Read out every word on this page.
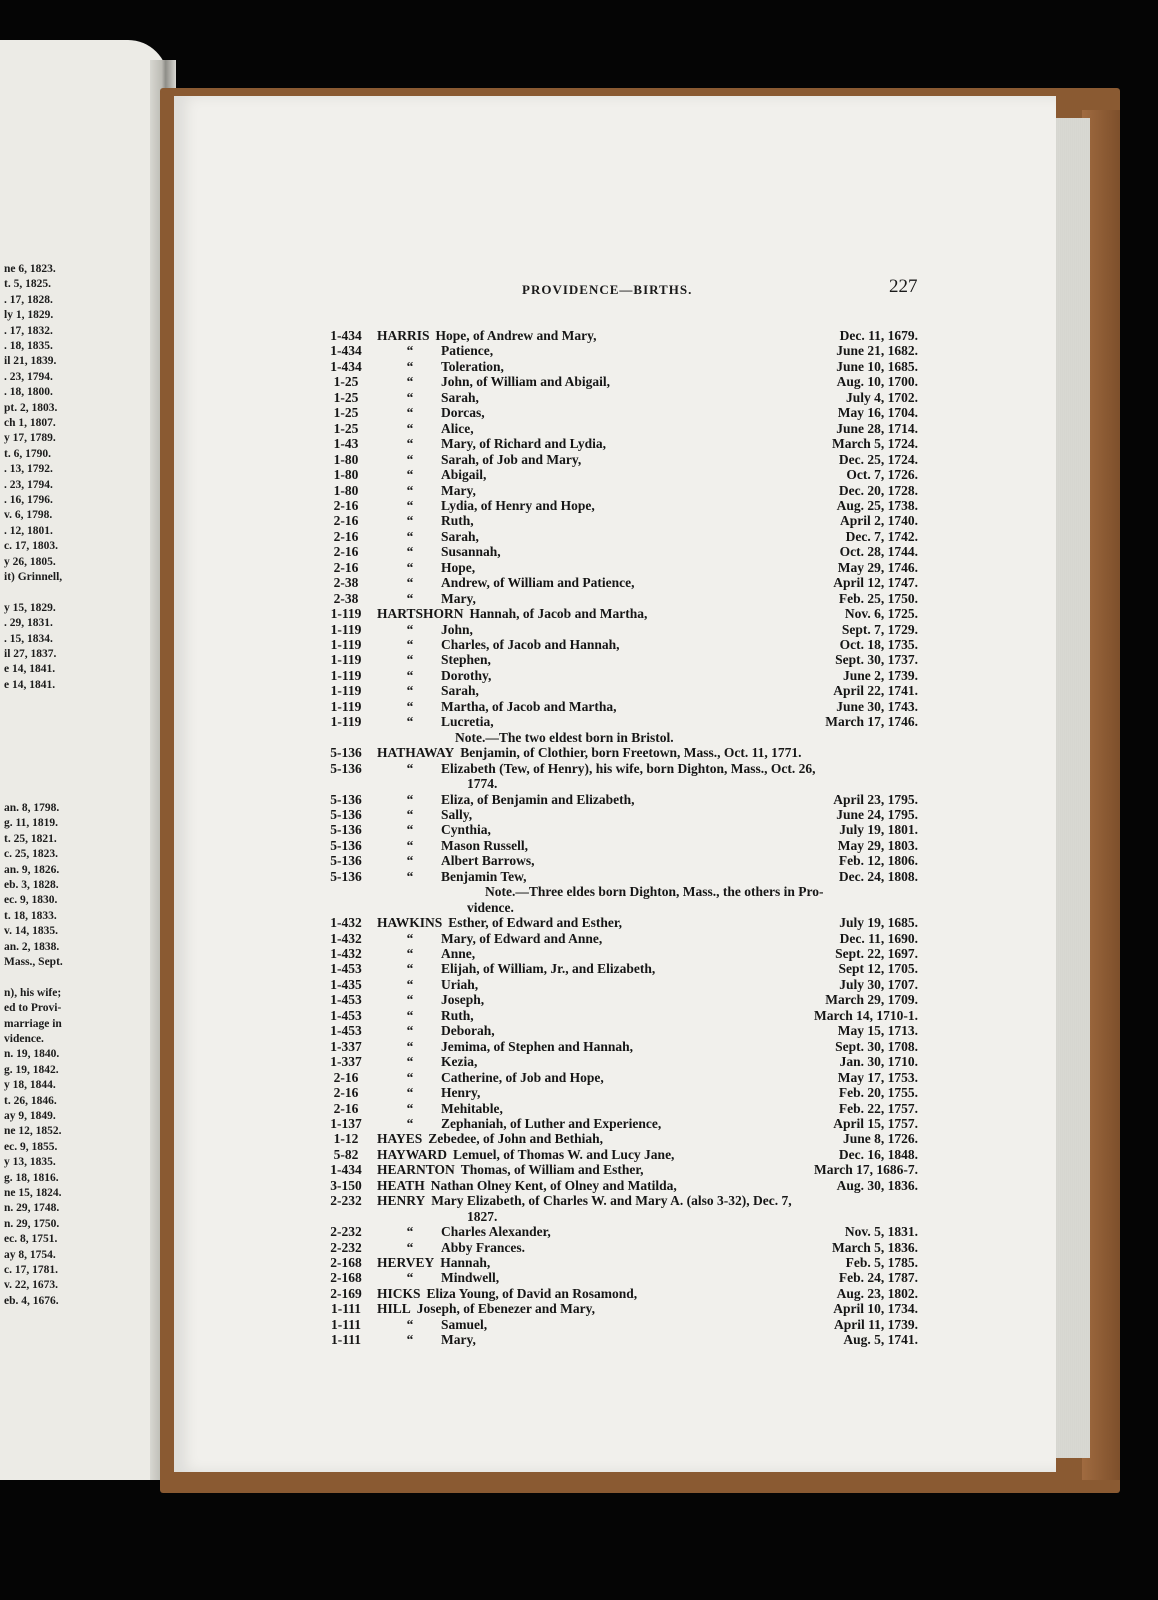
ne 6, 1823.
t. 5, 1825.
. 17, 1828.
ly 1, 1829.
. 17, 1832.
. 18, 1835.
il 21, 1839.
. 23, 1794.
. 18, 1800.
pt. 2, 1803.
ch 1, 1807.
y 17, 1789.
t. 6, 1790.
. 13, 1792.
. 23, 1794.
. 16, 1796.
v. 6, 1798.
. 12, 1801.
c. 17, 1803.
y 26, 1805.
it) Grinnell,
y 15, 1829.
. 29, 1831.
. 15, 1834.
il 27, 1837.
e 14, 1841.
e 14, 1841.
an. 8, 1798.
g. 11, 1819.
t. 25, 1821.
c. 25, 1823.
an. 9, 1826.
eb. 3, 1828.
ec. 9, 1830.
t. 18, 1833.
v. 14, 1835.
an. 2, 1838.
Mass., Sept.
n), his wife;
ed to Provi-
marriage in
vidence.
n. 19, 1840.
g. 19, 1842.
y 18, 1844.
t. 26, 1846.
ay 9, 1849.
ne 12, 1852.
ec. 9, 1855.
y 13, 1835.
g. 18, 1816.
ne 15, 1824.
n. 29, 1748.
n. 29, 1750.
ec. 8, 1751.
ay 8, 1754.
c. 17, 1781.
v. 22, 1673.
eb. 4, 1676.
PROVIDENCE—BIRTHS.	227
1-434	HARRIS Hope, of Andrew and Mary,	Dec. 11, 1679.
1-434	“ Patience,	June 21, 1682.
1-434	“ Toleration,	June 10, 1685.
1-25	“ John, of William and Abigail,	Aug. 10, 1700.
1-25	“ Sarah,	July 4, 1702.
1-25	“ Dorcas,	May 16, 1704.
1-25	“ Alice,	June 28, 1714.
1-43	“ Mary, of Richard and Lydia,	March 5, 1724.
1-80	“ Sarah, of Job and Mary,	Dec. 25, 1724.
1-80	“ Abigail,	Oct. 7, 1726.
1-80	“ Mary,	Dec. 20, 1728.
2-16	“ Lydia, of Henry and Hope,	Aug. 25, 1738.
2-16	“ Ruth,	April 2, 1740.
2-16	“ Sarah,	Dec. 7, 1742.
2-16	“ Susannah,	Oct. 28, 1744.
2-16	“ Hope,	May 29, 1746.
2-38	“ Andrew, of William and Patience,	April 12, 1747.
2-38	“ Mary,	Feb. 25, 1750.
1-119	HARTSHORN Hannah, of Jacob and Martha,	Nov. 6, 1725.
1-119	“ John,	Sept. 7, 1729.
1-119	“ Charles, of Jacob and Hannah,	Oct. 18, 1735.
1-119	“ Stephen,	Sept. 30, 1737.
1-119	“ Dorothy,	June 2, 1739.
1-119	“ Sarah,	April 22, 1741.
1-119	“ Martha, of Jacob and Martha,	June 30, 1743.
1-119	“ Lucretia,	March 17, 1746.
Note.—The two eldest born in Bristol.
5-136	HATHAWAY Benjamin, of Clothier, born Freetown, Mass., Oct. 11, 1771.
5-136	“ Elizabeth (Tew, of Henry), his wife, born Dighton, Mass., Oct. 26,
1774.
5-136	“ Eliza, of Benjamin and Elizabeth,	April 23, 1795.
5-136	“ Sally,	June 24, 1795.
5-136	“ Cynthia,	July 19, 1801.
5-136	“ Mason Russell,	May 29, 1803.
5-136	“ Albert Barrows,	Feb. 12, 1806.
5-136	“ Benjamin Tew,	Dec. 24, 1808.
Note.—Three eldes born Dighton, Mass., the others in Pro-
vidence.
1-432	HAWKINS Esther, of Edward and Esther,	July 19, 1685.
1-432	“ Mary, of Edward and Anne,	Dec. 11, 1690.
1-432	“ Anne,	Sept. 22, 1697.
1-453	“ Elijah, of William, Jr., and Elizabeth,	Sept 12, 1705.
1-435	“ Uriah,	July 30, 1707.
1-453	“ Joseph,	March 29, 1709.
1-453	“ Ruth,	March 14, 1710-1.
1-453	“ Deborah,	May 15, 1713.
1-337	“ Jemima, of Stephen and Hannah,	Sept. 30, 1708.
1-337	“ Kezia,	Jan. 30, 1710.
2-16	“ Catherine, of Job and Hope,	May 17, 1753.
2-16	“ Henry,	Feb. 20, 1755.
2-16	“ Mehitable,	Feb. 22, 1757.
1-137	“ Zephaniah, of Luther and Experience,	April 15, 1757.
1-12	HAYES Zebedee, of John and Bethiah,	June 8, 1726.
5-82	HAYWARD Lemuel, of Thomas W. and Lucy Jane,	Dec. 16, 1848.
1-434	HEARNTON Thomas, of William and Esther,	March 17, 1686-7.
3-150	HEATH Nathan Olney Kent, of Olney and Matilda,	Aug. 30, 1836.
2-232	HENRY Mary Elizabeth, of Charles W. and Mary A. (also 3-32), Dec. 7,
1827.
2-232	“ Charles Alexander,	Nov. 5, 1831.
2-232	“ Abby Frances.	March 5, 1836.
2-168	HERVEY Hannah,	Feb. 5, 1785.
2-168	“ Mindwell,	Feb. 24, 1787.
2-169	HICKS Eliza Young, of David an Rosamond,	Aug. 23, 1802.
1-111	HILL Joseph, of Ebenezer and Mary,	April 10, 1734.
1-111	“ Samuel,	April 11, 1739.
1-111	“ Mary,	Aug. 5, 1741.
